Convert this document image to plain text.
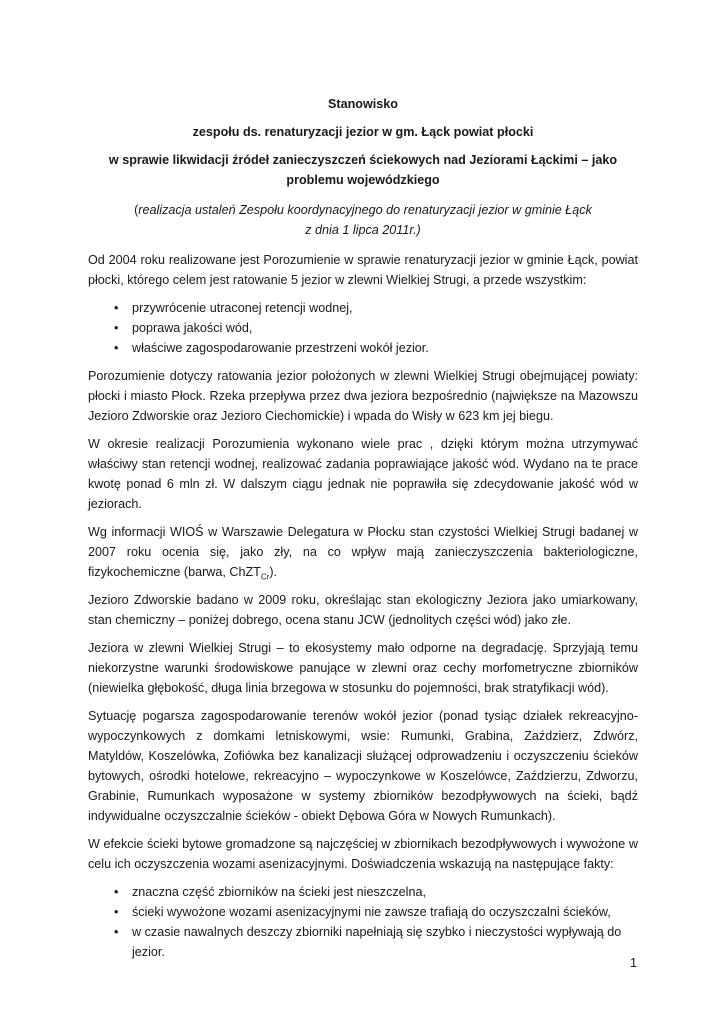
Stanowisko

zespołu ds. renaturyzacji jezior w gm. Łąck powiat płocki

w sprawie likwidacji źródeł zanieczyszczeń ściekowych nad Jeziorami Łąckimi – jako problemu wojewódzkiego

(realizacja ustaleń Zespołu koordynacyjnego do renaturyzacji jezior w gminie Łąck
z dnia 1 lipca 2011r.)

Od 2004 roku realizowane jest Porozumienie w sprawie renaturyzacji jezior w gminie Łąck, powiat płocki, którego celem jest ratowanie 5 jezior w zlewni Wielkiej Strugi, a przede wszystkim:

•	przywrócenie utraconej retencji wodnej,
•	poprawa jakości wód,
•	właściwe zagospodarowanie przestrzeni wokół jezior.

Porozumienie dotyczy ratowania jezior położonych w zlewni Wielkiej Strugi obejmującej powiaty: płocki i miasto Płock. Rzeka przepływa przez dwa jeziora bezpośrednio (największe na Mazowszu Jezioro Zdworskie oraz Jezioro Ciechomickie) i wpada do Wisły w 623 km jej biegu.

W okresie realizacji Porozumienia wykonano wiele prac , dzięki którym można utrzymywać właściwy stan retencji wodnej, realizować zadania poprawiające jakość wód. Wydano na te prace kwotę ponad 6 mln zł. W dalszym ciągu jednak nie poprawiła się zdecydowanie jakość wód w jeziorach.

Wg informacji WIOŚ w Warszawie Delegatura w Płocku stan czystości Wielkiej Strugi badanej w 2007 roku ocenia się, jako zły, na co wpływ mają zanieczyszczenia bakteriologiczne, fizykochemiczne (barwa, ChZT$_{Cr}$).

Jezioro Zdworskie badano w 2009 roku, określając stan ekologiczny Jeziora jako umiarkowany, stan chemiczny – poniżej dobrego, ocena stanu JCW (jednolitych części wód) jako złe.

Jeziora w zlewni Wielkiej Strugi – to ekosystemy mało odporne na degradację. Sprzyjają temu niekorzystne warunki środowiskowe panujące w zlewni oraz cechy morfometryczne zbiorników (niewielka głębokość, długa linia brzegowa w stosunku do pojemności, brak stratyfikacji wód).

Sytuację pogarsza zagospodarowanie terenów wokół jezior (ponad tysiąc działek rekreacyjno-wypoczynkowych z domkami letniskowymi, wsie: Rumunki, Grabina, Zaździerz, Zdwórz, Matyldów, Koszelówka, Zofiówka bez kanalizacji służącej odprowadzeniu i oczyszczeniu ścieków bytowych, ośrodki hotelowe, rekreacyjno – wypoczynkowe w Koszelówce, Zaździerzu, Zdworzu, Grabinie, Rumunkach wyposażone w systemy zbiorników bezodpływowych na ścieki, bądź indywidualne oczyszczalnie ścieków - obiekt Dębowa Góra w Nowych Rumunkach).

W efekcie ścieki bytowe gromadzone są najczęściej w zbiornikach bezodpływowych i wywożone w celu ich oczyszczenia wozami asenizacyjnymi. Doświadczenia wskazują na następujące fakty:

•	znaczna część zbiorników na ścieki jest nieszczelna,
•	ścieki wywożone wozami asenizacyjnymi nie zawsze trafiają do oczyszczalni ścieków,
•	w czasie nawalnych deszczy zbiorniki napełniają się szybko i nieczystości wypływają do jezior.
1
